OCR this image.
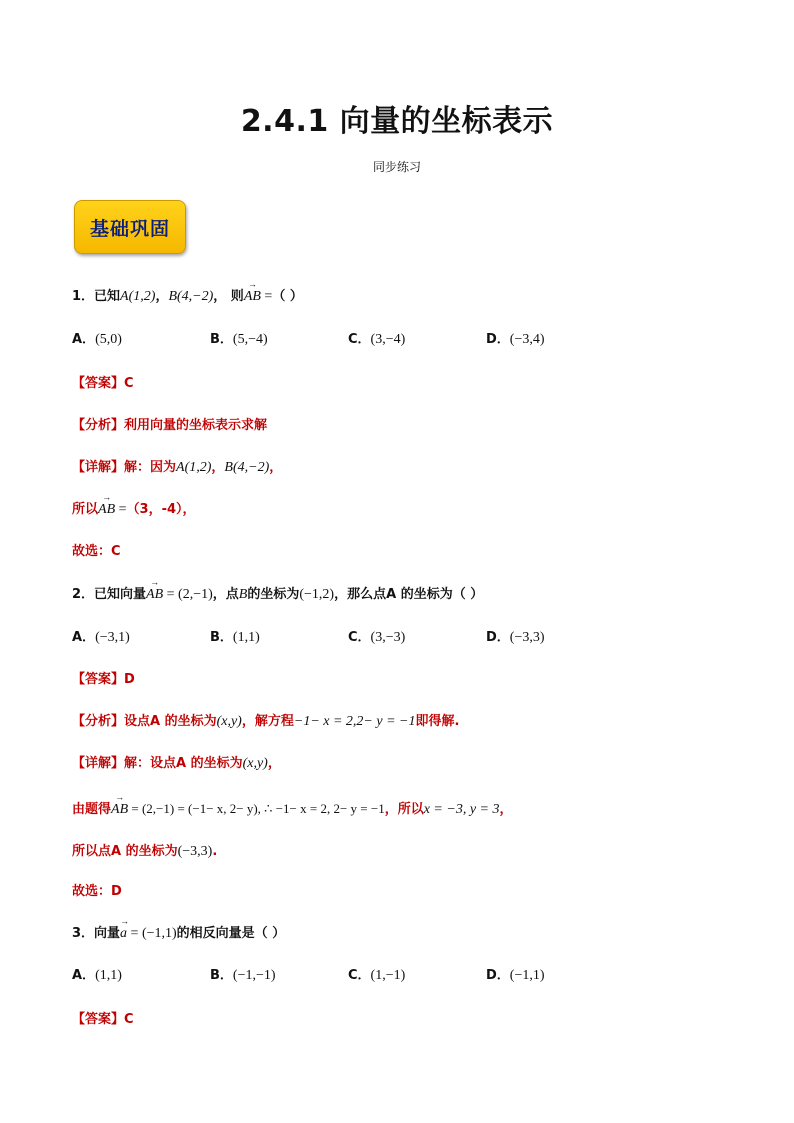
2.4.1 向量的坐标表示
同步练习
基础巩固
1．已知A(1,2)，B(4,−2)， 则
→
AB =（ ）
A．(5,0)	B．(5,−4)	C．(3,−4)	D．(−3,4)
【答案】C
【分析】利用向量的坐标表示求解
【详解】解：因为A(1,2)，B(4,−2)，
所以
→
AB =（3，-4），
故选：C
2．已知向量
→
AB = (2,−1)，点B的坐标为(−1,2)，那么点A 的坐标为（ ）
A．(−3,1)	B．(1,1)	C．(3,−3)	D．(−3,3)
【答案】D
【分析】设点A 的坐标为(x,y)，解方程−1− x = 2,2− y = −1即得解.
【详解】解：设点A 的坐标为(x,y)，
由题得
→
AB = (2,−1) = (−1− x, 2− y), ∴ −1− x = 2, 2− y = −1，所以x = −3, y = 3，
所以点A 的坐标为(−3,3).
故选：D
3．向量
→
a = (−1,1)的相反向量是（ ）
A．(1,1)	B．(−1,−1)	C．(1,−1)	D．(−1,1)
【答案】C
